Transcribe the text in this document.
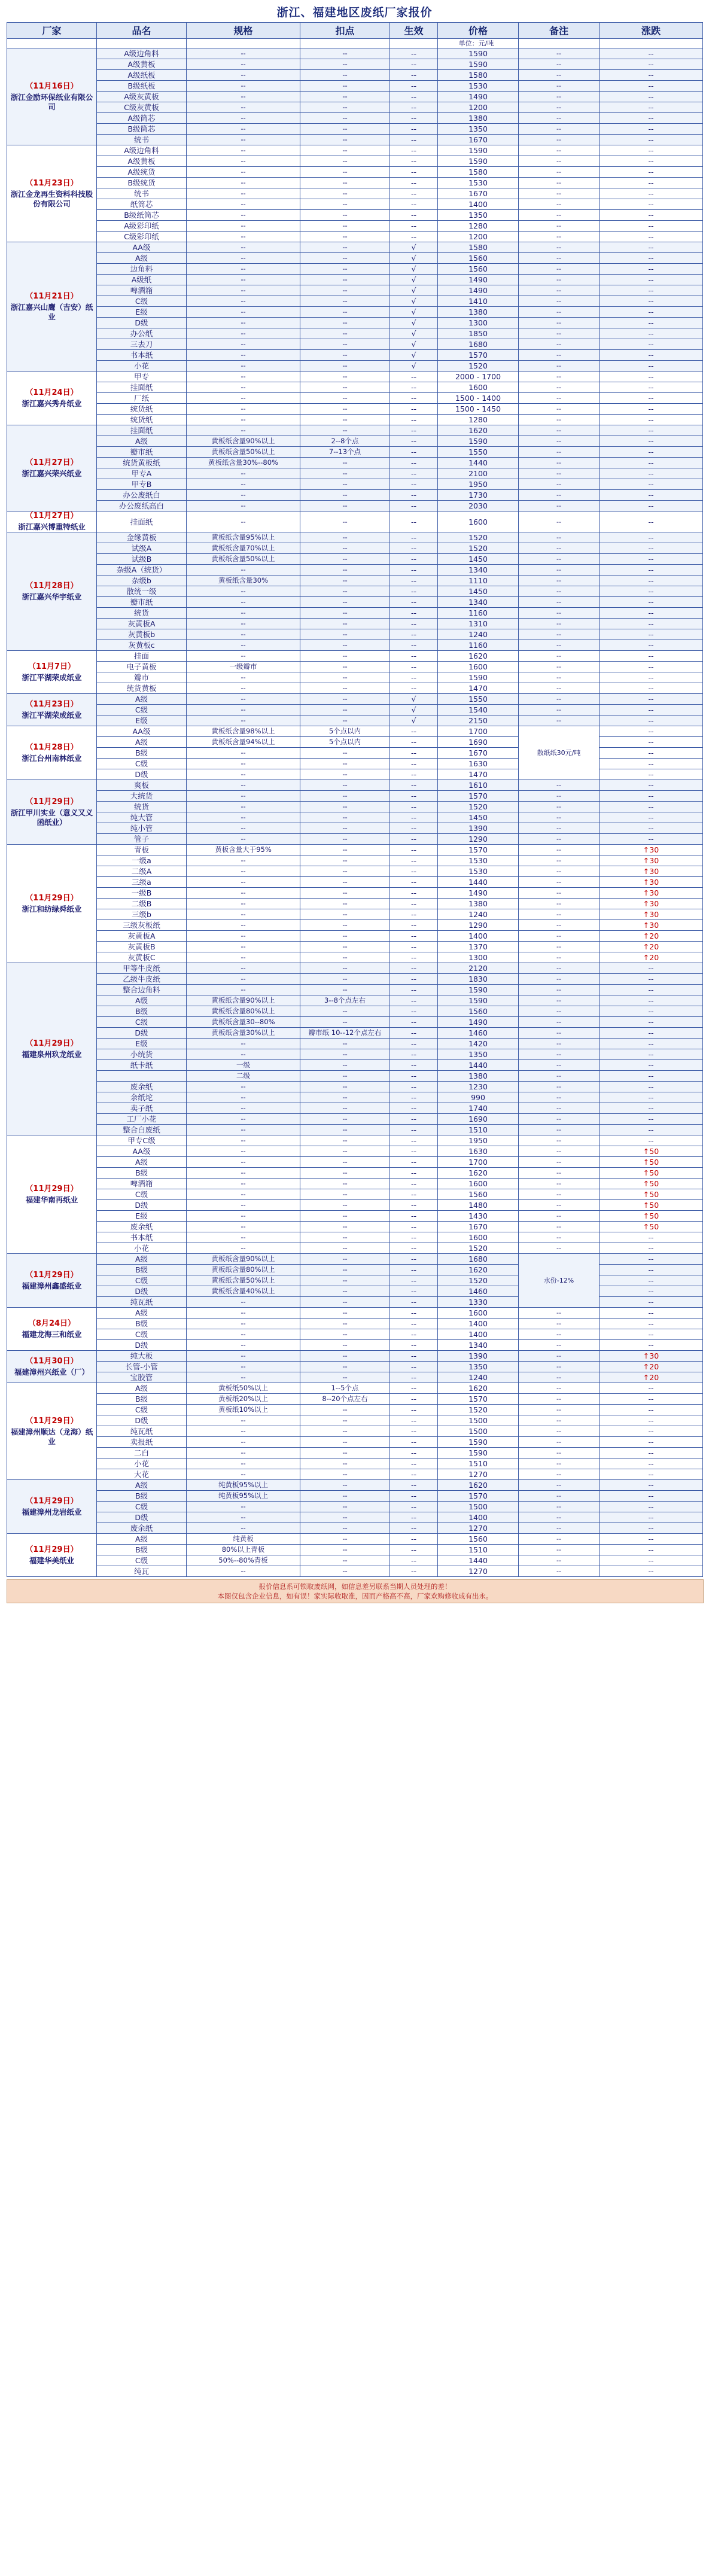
浙江、福建地区废纸厂家报价
厂家	品名	规格	扣点	生效	价格	备注	涨跌
					单位：元/吨		

（11月16日）
浙江金励环保纸业有限公司	A级边角料	--	--	--	1590	--	--
	A级黄板	--	--	--	1590	--	--
	A级纸板	--	--	--	1580	--	--
	B级纸板	--	--	--	1530	--	--
	A级灰黄板	--	--	--	1490	--	--
	C级灰黄板	--	--	--	1200	--	--
	A级筒芯	--	--	--	1380	--	--
	B级筒芯	--	--	--	1350	--	--
	统书	--	--	--	1670	--	--

（11月23日）
浙江金龙再生资料科技股份有限公司	A级边角料	--	--	--	1590	--	--
	A级黄板	--	--	--	1590	--	--
	A级统货	--	--	--	1580	--	--
	B级统货	--	--	--	1530	--	--
	统书	--	--	--	1670	--	--
	纸筒芯	--	--	--	1400	--	--
	B级纸筒芯	--	--	--	1350	--	--
	A级彩印纸	--	--	--	1280	--	--
	C级彩印纸	--	--	--	1200	--	--

（11月21日）
浙江嘉兴山鹰（吉安）纸业	AA级	--	--	√	1580	--	--
	A级	--	--	√	1560	--	--
	边角料	--	--	√	1560	--	--
	A级纸	--	--	√	1490	--	--
	啤酒箱	--	--	√	1490	--	--
	C级	--	--	√	1410	--	--
	E级	--	--	√	1380	--	--
	D级	--	--	√	1300	--	--
	办公纸	--	--	√	1850	--	--
	三去刀	--	--	√	1680	--	--
	书本纸	--	--	√	1570	--	--
	小花	--	--	√	1520	--	--

（11月24日）
浙江嘉兴秀舟纸业	甲专	--	--	--	2000 - 1700	--	--
	挂面纸	--	--	--	1600	--	--
	厂纸	--	--	--	1500 - 1400	--	--
	统货纸	--	--	--	1500 - 1450	--	--
	统货纸	--	--	--	1280	--	--

（11月27日）
浙江嘉兴荣兴纸业	挂面纸	--	--	--	1620	--	--
	A级	黄板纸含量90%以上	2--8个点	--	1590	--	--
	瓣市纸	黄板纸含量50%以上	7--13个点	--	1550	--	--
	统货黄板纸	黄板纸含量30%--80%	--	--	1440	--	--
	甲专A	--	--	--	2100	--	--
	甲专B	--	--	--	1950	--	--
	办公废纸白	--	--	--	1730	--	--
	办公废纸高白	--	--	--	2030	--	--

（11月27日）
浙江嘉兴博重特纸业	挂面纸	--	--	--	1600	--	--

（11月28日）
浙江嘉兴华宇纸业	金缘黄板	黄板纸含量95%以上	--	--	1520	--	--
	试级A	黄板纸含量70%以上	--	--	1520	--	--
	试级B	黄板纸含量50%以上	--	--	1450	--	--
	杂级A（统货）	--	--	--	1340	--	--
	杂级b	黄板纸含量30%	--	--	1110	--	--
	散统一级	--	--	--	1450	--	--
	瓣市纸	--	--	--	1340	--	--
	统货	--	--	--	1160	--	--
	灰黄板A	--	--	--	1310	--	--
	灰黄板b	--	--	--	1240	--	--
	灰黄板c	--	--	--	1160	--	--

（11月7日）
浙江平湖荣成纸业	挂面	--	--	--	1620	--	--
	电子黄板	一级瓣市	--	--	1600	--	--
	瓣市	--	--	--	1590	--	--
	统货黄板	--	--	--	1470	--	--

（11月23日）
浙江平湖荣成纸业	A级	--	--	√	1550	--	--
	C级	--	--	√	1540	--	--
	E级	--	--	√	2150	--	--

（11月28日）
浙江台州南林纸业	AA级	黄板纸含量98%以上	5个点以内	--	1700	散纸纸30元/吨	--
	A级	黄板纸含量94%以上	5个点以内	--	1690		--
	B级	--	--	--	1670		--
	C级	--	--	--	1630		--
	D级	--	--	--	1470		--

（11月29日）
浙江甲川实业（意义又义函纸业）	爽板	--	--	--	1610	--	--
	大统货	--	--	--	1570	--	--
	统货	--	--	--	1520	--	--
	纯大管	--	--	--	1450	--	--
	纯小管	--	--	--	1390	--	--
	管子	--	--	--	1290	--	--

（11月29日）
浙江和纺绿舜纸业	青板	黄板含量大于95%	--	--	1570	--	↑30
	一级a	--	--	--	1530	--	↑30
	二级A	--	--	--	1530	--	↑30
	三级a	--	--	--	1440	--	↑30
	一级B	--	--	--	1490	--	↑30
	二级B	--	--	--	1380	--	↑30
	三级b	--	--	--	1240	--	↑30
	三级灰板纸	--	--	--	1290	--	↑30
	灰黄板A	--	--	--	1400	--	↑20
	灰黄板B	--	--	--	1370	--	↑20
	灰黄板C	--	--	--	1300	--	↑20

（11月29日）
福建泉州玖龙纸业	甲等牛皮纸	--	--	--	2120	--	--
	乙级牛皮纸	--	--	--	1830	--	--
	整合边角料	--	--	--	1590	--	--
	A级	黄板纸含量90%以上	3--8个点左右	--	1590	--	--
	B级	黄板纸含量80%以上	--	--	1560	--	--
	C级	黄板纸含量30--80%	--	--	1490	--	--
	D级	黄板纸含量30%以上	瓣市纸 10--12个点左右	--	1460	--	--
	E级	--	--	--	1420	--	--
	小统货	--	--	--	1350	--	--
	纸卡纸	一级	--	--	1440	--	--
		二级	--	--	1380	--	--
	废余纸	--	--	--	1230	--	--
	余纸坨	--	--	--	990	--	--
	卖子纸	--	--	--	1740	--	--
	工厂小花	--	--	--	1690	--	--
	整合白废纸	--	--	--	1510	--	--

（11月29日）
福建华南再纸业	甲专C级	--	--	--	1950	--	--
	AA级	--	--	--	1630	--	↑50
	A级	--	--	--	1700	--	↑50
	B级	--	--	--	1620	--	↑50
	啤酒箱	--	--	--	1600	--	↑50
	C级	--	--	--	1560	--	↑50
	D级	--	--	--	1480	--	↑50
	E级	--	--	--	1430	--	↑50
	废余纸	--	--	--	1670	--	↑50
	书本纸	--	--	--	1600	--	--
	小花	--	--	--	1520	--	--

（11月29日）
福建漳州鑫盛纸业	A级	黄板纸含量90%以上	--	--	1680	水份-12%	--
	B级	黄板纸含量80%以上	--	--	1620		--
	C级	黄板纸含量50%以上	--	--	1520		--
	D级	黄板纸含量40%以上	--	--	1460		--
	纯瓦纸	--	--	--	1330		--

（8月24日）
福建龙海三和纸业	A级	--	--	--	1600	--	--
	B级	--	--	--	1400	--	--
	C级	--	--	--	1400	--	--
	D级	--	--	--	1340	--	--

（11月30日）
福建漳州兴纸业（厂）	纯大板	--	--	--	1390	--	↑30
	长管-小管	--	--	--	1350	--	↑20
	宝胶管	--	--	--	1240	--	↑20

（11月29日）
福建漳州顺达（龙海）纸业	A级	黄板纸50%以上	1--5个点	--	1620	--	--
	B级	黄板纸20%以上	8--20个点左右	--	1570	--	--
	C级	黄板纸10%以上	--	--	1520	--	--
	D级	--	--	--	1500	--	--
	纯瓦纸	--	--	--	1500	--	--
	卖报纸	--	--	--	1590	--	--
	二白	--	--	--	1590	--	--
	小花	--	--	--	1510	--	--
	大花	--	--	--	1270	--	--

（11月29日）
福建漳州龙岩纸业	A级	纯黄板95%以上	--	--	1620	--	--
	B级	纯黄板95%以上	--	--	1570	--	--
	C级	--	--	--	1500	--	--
	D级	--	--	--	1400	--	--
	废余纸	--	--	--	1270	--	--

（11月29日）
福建华美纸业	A级	纯黄板	--	--	1560	--	--
	B级	80%以上青板	--	--	1510	--	--
	C级	50%--80%青板	--	--	1440	--	--
	纯瓦	--	--	--	1270	--	--
报价信息系可锁取废纸网，如信息差另联系当期人员处理的差！
本图仅包含企业信息，如有误！家实际收取准，因而产格高不高，厂家欢购修收成有出永。
